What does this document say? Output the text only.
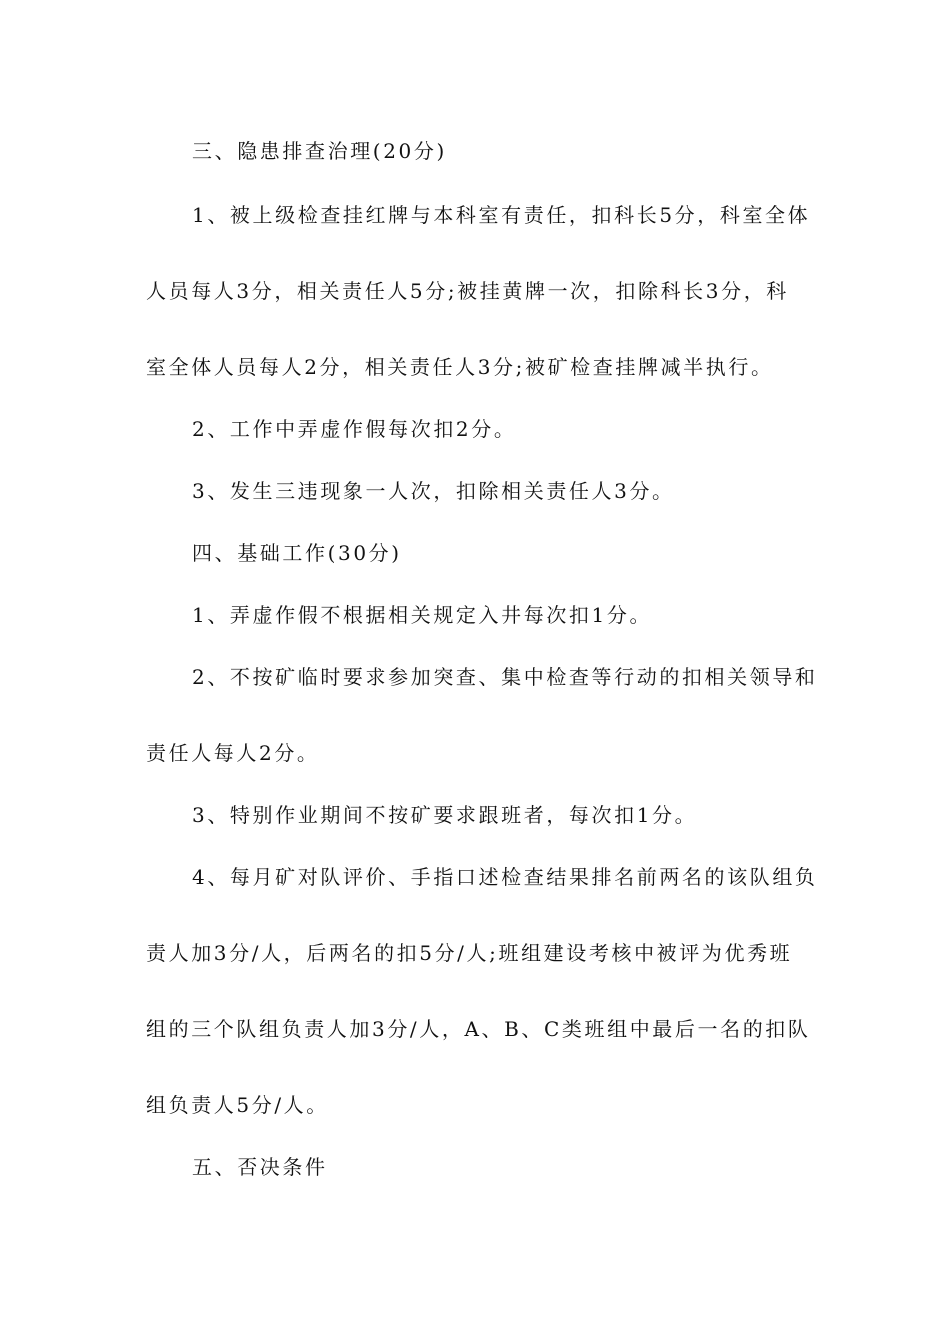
三、隐患排查治理(20分)
1、被上级检查挂红牌与本科室有责任，扣科长5分，科室全体
人员每人3分，相关责任人5分;被挂黄牌一次，扣除科长3分，科
室全体人员每人2分，相关责任人3分;被矿检查挂牌减半执行。
2、工作中弄虚作假每次扣2分。
3、发生三违现象一人次，扣除相关责任人3分。
四、基础工作(30分)
1、弄虚作假不根据相关规定入井每次扣1分。
2、不按矿临时要求参加突查、集中检查等行动的扣相关领导和
责任人每人2分。
3、特别作业期间不按矿要求跟班者，每次扣1分。
4、每月矿对队评价、手指口述检查结果排名前两名的该队组负
责人加3分/人，后两名的扣5分/人;班组建设考核中被评为优秀班
组的三个队组负责人加3分/人，A、B、C类班组中最后一名的扣队
组负责人5分/人。
五、否决条件
